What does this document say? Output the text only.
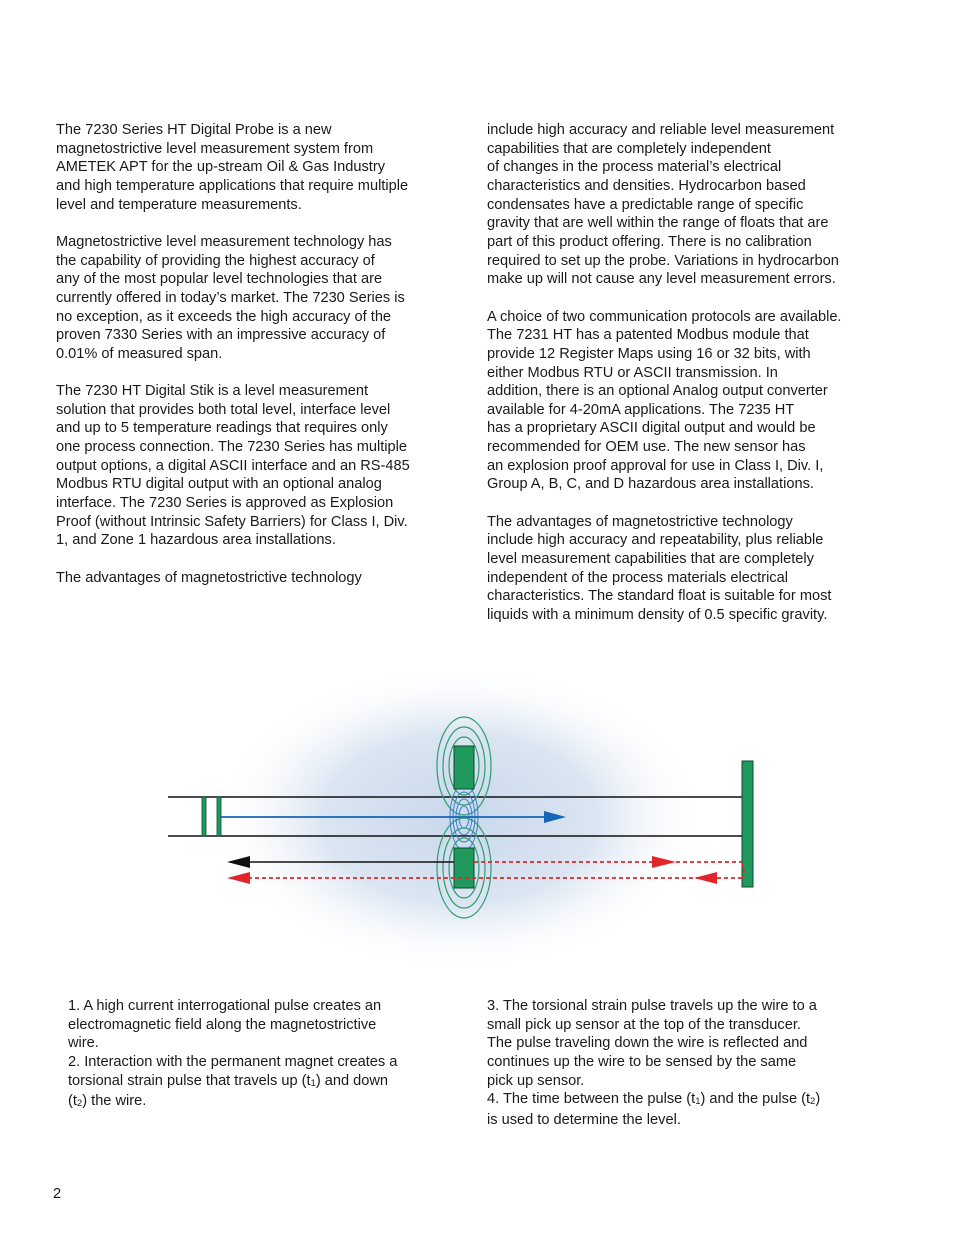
The 7230 Series HT Digital Probe is a new
magnetostrictive level measurement system from
AMETEK APT for the up-stream Oil & Gas Industry
and high temperature applications that require multiple
level and temperature measurements.

Magnetostrictive level measurement technology has
the capability of providing the highest accuracy of
any of the most popular level technologies that are
currently offered in today’s market. The 7230 Series is
no exception, as it exceeds the high accuracy of the
proven 7330 Series with an impressive accuracy of
0.01% of measured span.

The 7230 HT Digital Stik is a level measurement
solution that provides both total level, interface level
and up to 5 temperature readings that requires only
one process connection. The 7230 Series has multiple
output options, a digital ASCII interface and an RS-485
Modbus RTU digital output with an optional analog
interface. The 7230 Series is approved as Explosion
Proof (without Intrinsic Safety Barriers) for Class I, Div.
1, and Zone 1 hazardous area installations.

The advantages of magnetostrictive technology

include high accuracy and reliable level measurement
capabilities that are completely independent
of changes in the process material’s electrical
characteristics and densities. Hydrocarbon based
condensates have a predictable range of specific
gravity that are well within the range of floats that are
part of this product offering. There is no calibration
required to set up the probe. Variations in hydrocarbon
make up will not cause any level measurement errors.

A choice of two communication protocols are available.
The 7231 HT has a patented Modbus module that
provide 12 Register Maps using 16 or 32 bits, with
either Modbus RTU or ASCII transmission. In
addition, there is an optional Analog output converter
available for 4-20mA applications. The 7235 HT
has a proprietary ASCII digital output and would be
recommended for OEM use. The new sensor has
an explosion proof approval for use in Class I, Div. I,
Group A, B, C, and D hazardous area installations.

The advantages of magnetostrictive technology
include high accuracy and repeatability, plus reliable
level measurement capabilities that are completely
independent of the process materials electrical
characteristics. The standard float is suitable for most
liquids with a minimum density of 0.5 specific gravity.

1. A high current interrogational pulse creates an
electromagnetic field along the magnetostrictive
wire.
2. Interaction with the permanent magnet creates a
torsional strain pulse that travels up $(t_1)$ and down
$(t_2)$ the wire.
3. The torsional strain pulse travels up the wire to a
small pick up sensor at the top of the transducer.
The pulse traveling down the wire is reflected and
continues up the wire to be sensed by the same
pick up sensor.
4. The time between the pulse $(t_1)$ and the pulse $(t_2)$
is used to determine the level.
2
